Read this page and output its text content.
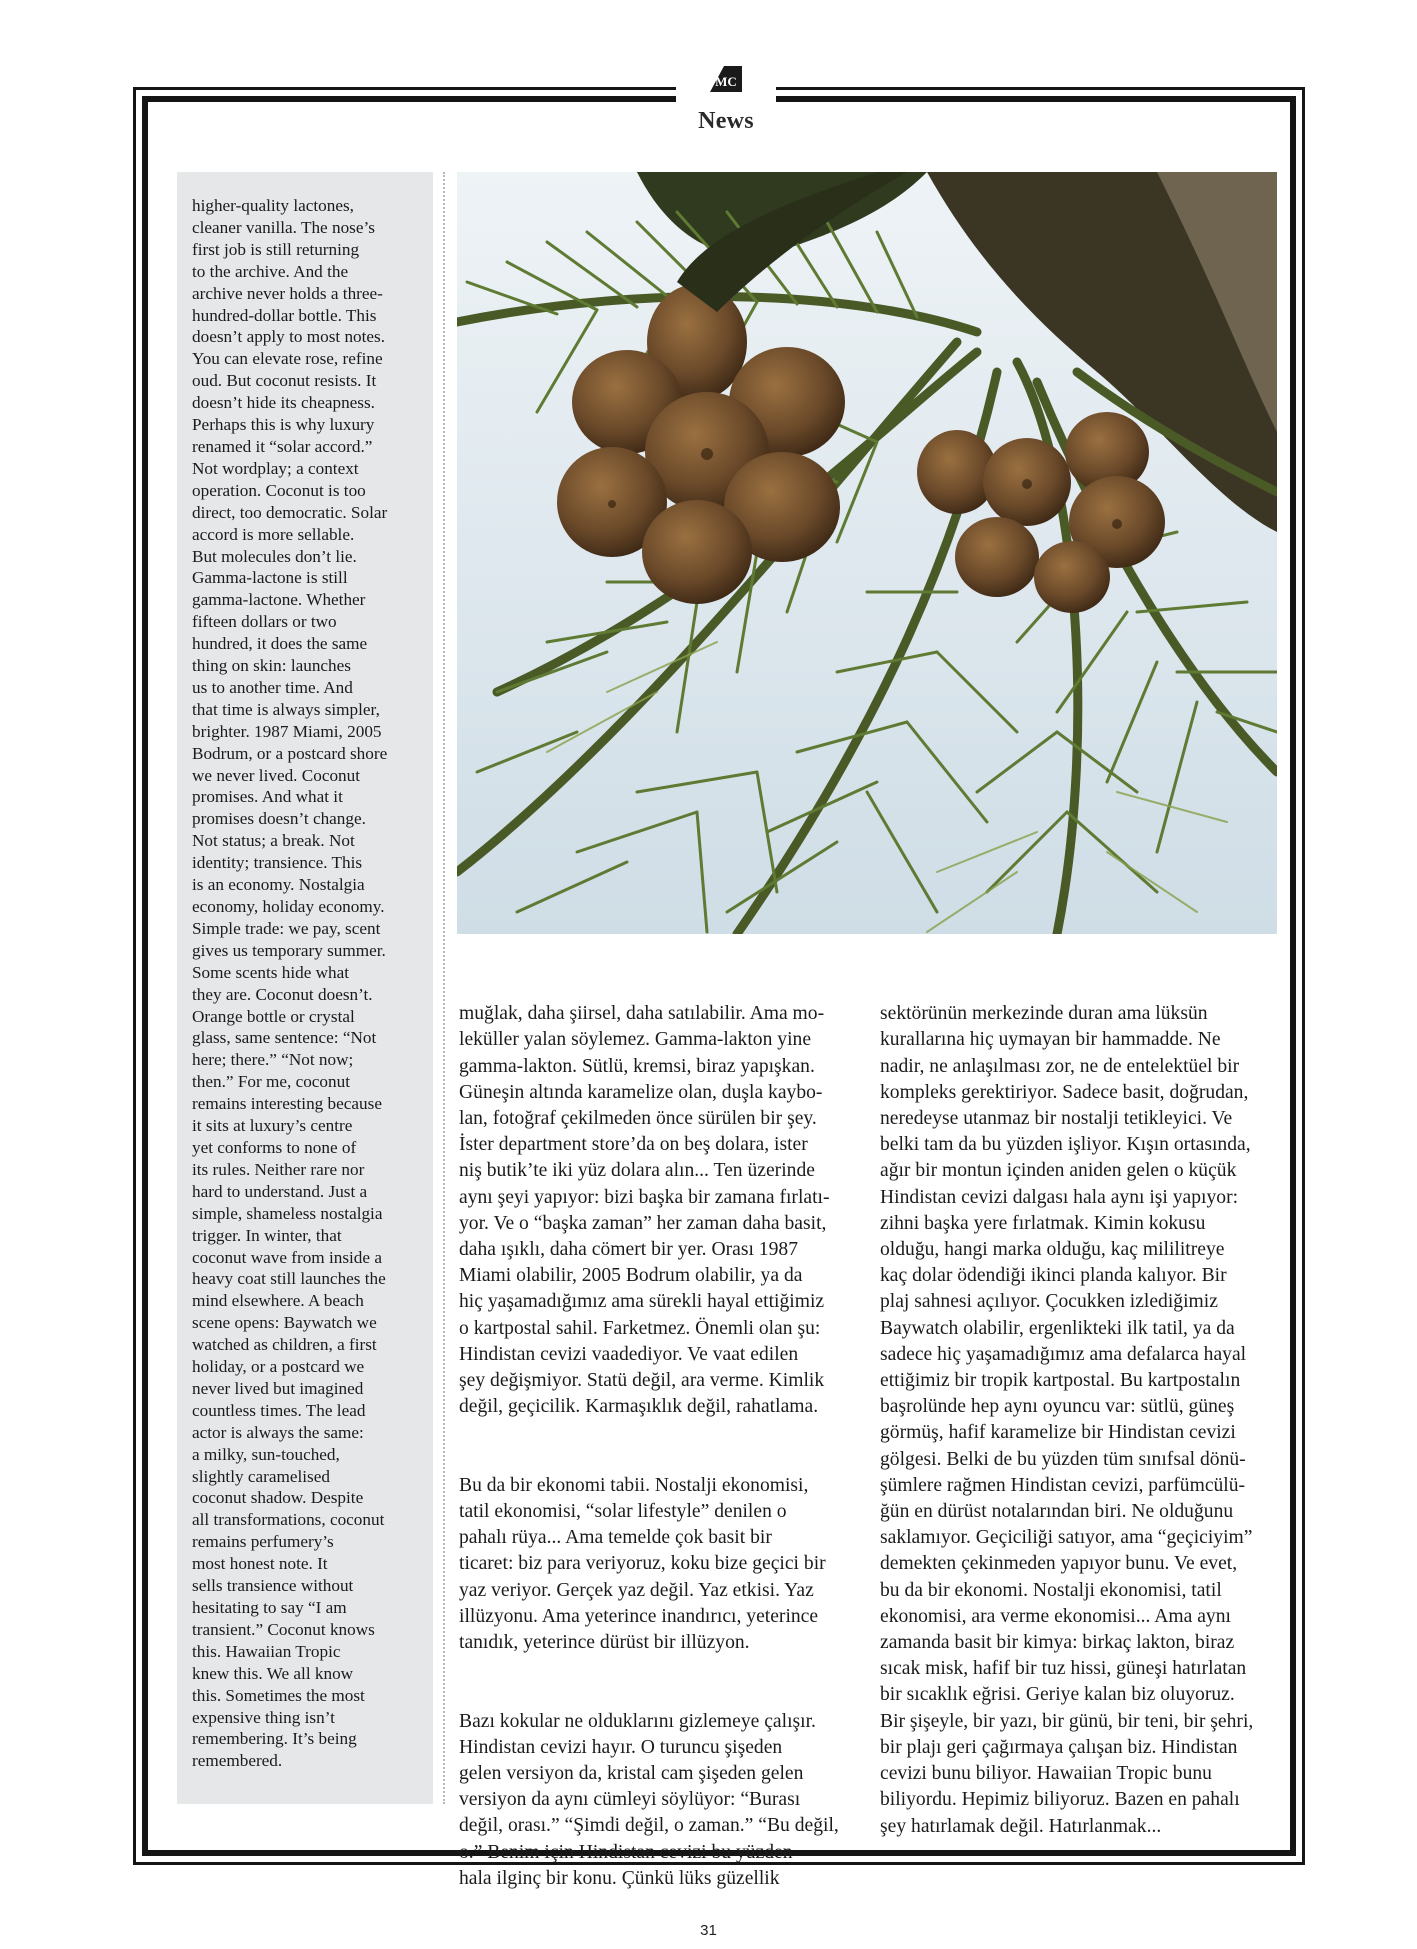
MC
News
higher-quality lactones,
cleaner vanilla. The nose’s
first job is still returning
to the archive. And the
archive never holds a three-
hundred-dollar bottle. This
doesn’t apply to most notes.
You can elevate rose, refine
oud. But coconut resists. It
doesn’t hide its cheapness.
Perhaps this is why luxury
renamed it “solar accord.”
Not wordplay; a context
operation. Coconut is too
direct, too democratic. Solar
accord is more sellable.
But molecules don’t lie.
Gamma-lactone is still
gamma-lactone. Whether
fifteen dollars or two
hundred, it does the same
thing on skin: launches
us to another time. And
that time is always simpler,
brighter. 1987 Miami, 2005
Bodrum, or a postcard shore
we never lived. Coconut
promises. And what it
promises doesn’t change.
Not status; a break. Not
identity; transience. This
is an economy. Nostalgia
economy, holiday economy.
Simple trade: we pay, scent
gives us temporary summer.
Some scents hide what
they are. Coconut doesn’t.
Orange bottle or crystal
glass, same sentence: “Not
here; there.” “Not now;
then.” For me, coconut
remains interesting because
it sits at luxury’s centre
yet conforms to none of
its rules. Neither rare nor
hard to understand. Just a
simple, shameless nostalgia
trigger. In winter, that
coconut wave from inside a
heavy coat still launches the
mind elsewhere. A beach
scene opens: Baywatch we
watched as children, a first
holiday, or a postcard we
never lived but imagined
countless times. The lead
actor is always the same:
a milky, sun-touched,
slightly caramelised
coconut shadow. Despite
all transformations, coconut
remains perfumery’s
most honest note. It
sells transience without
hesitating to say “I am
transient.” Coconut knows
this. Hawaiian Tropic
knew this. We all know
this. Sometimes the most
expensive thing isn’t
remembering. It’s being
remembered.

muğlak, daha şiirsel, daha satılabilir. Ama mo-
leküller yalan söylemez. Gamma-lakton yine
gamma-lakton. Sütlü, kremsi, biraz yapışkan.
Güneşin altında karamelize olan, duşla kaybo-
lan, fotoğraf çekilmeden önce sürülen bir şey.
İster department store’da on beş dolara, ister
niş butik’te iki yüz dolara alın... Ten üzerinde
aynı şeyi yapıyor: bizi başka bir zamana fırlatı-
yor. Ve o “başka zaman” her zaman daha basit,
daha ışıklı, daha cömert bir yer. Orası 1987
Miami olabilir, 2005 Bodrum olabilir, ya da
hiç yaşamadığımız ama sürekli hayal ettiğimiz
o kartpostal sahil. Farketmez. Önemli olan şu:
Hindistan cevizi vaadediyor. Ve vaat edilen
şey değişmiyor. Statü değil, ara verme. Kimlik
değil, geçicilik. Karmaşıklık değil, rahatlama.

Bu da bir ekonomi tabii. Nostalji ekonomisi,
tatil ekonomisi, “solar lifestyle” denilen o
pahalı rüya... Ama temelde çok basit bir
ticaret: biz para veriyoruz, koku bize geçici bir
yaz veriyor. Gerçek yaz değil. Yaz etkisi. Yaz
illüzyonu. Ama yeterince inandırıcı, yeterince
tanıdık, yeterince dürüst bir illüzyon.

Bazı kokular ne olduklarını gizlemeye çalışır.
Hindistan cevizi hayır. O turuncu şişeden
gelen versiyon da, kristal cam şişeden gelen
versiyon da aynı cümleyi söylüyor: “Burası
değil, orası.” “Şimdi değil, o zaman.” “Bu değil,
o.” Benim için Hindistan cevizi bu yüzden
hala ilginç bir konu. Çünkü lüks güzellik

sektörünün merkezinde duran ama lüksün
kurallarına hiç uymayan bir hammadde. Ne
nadir, ne anlaşılması zor, ne de entelektüel bir
kompleks gerektiriyor. Sadece basit, doğrudan,
neredeyse utanmaz bir nostalji tetikleyici. Ve
belki tam da bu yüzden işliyor. Kışın ortasında,
ağır bir montun içinden aniden gelen o küçük
Hindistan cevizi dalgası hala aynı işi yapıyor:
zihni başka yere fırlatmak. Kimin kokusu
olduğu, hangi marka olduğu, kaç mililitreye
kaç dolar ödendiği ikinci planda kalıyor. Bir
plaj sahnesi açılıyor. Çocukken izlediğimiz
Baywatch olabilir, ergenlikteki ilk tatil, ya da
sadece hiç yaşamadığımız ama defalarca hayal
ettiğimiz bir tropik kartpostal. Bu kartpostalın
başrolünde hep aynı oyuncu var: sütlü, güneş
görmüş, hafif karamelize bir Hindistan cevizi
gölgesi. Belki de bu yüzden tüm sınıfsal dönü-
şümlere rağmen Hindistan cevizi, parfümcülü-
ğün en dürüst notalarından biri. Ne olduğunu
saklamıyor. Geçiciliği satıyor, ama “geçiciyim”
demekten çekinmeden yapıyor bunu. Ve evet,
bu da bir ekonomi. Nostalji ekonomisi, tatil
ekonomisi, ara verme ekonomisi... Ama aynı
zamanda basit bir kimya: birkaç lakton, biraz
sıcak misk, hafif bir tuz hissi, güneşi hatırlatan
bir sıcaklık eğrisi. Geriye kalan biz oluyoruz.
Bir şişeyle, bir yazı, bir günü, bir teni, bir şehri,
bir plajı geri çağırmaya çalışan biz. Hindistan
cevizi bunu biliyor. Hawaiian Tropic bunu
biliyordu. Hepimiz biliyoruz. Bazen en pahalı
şey hatırlamak değil. Hatırlanmak...

31
